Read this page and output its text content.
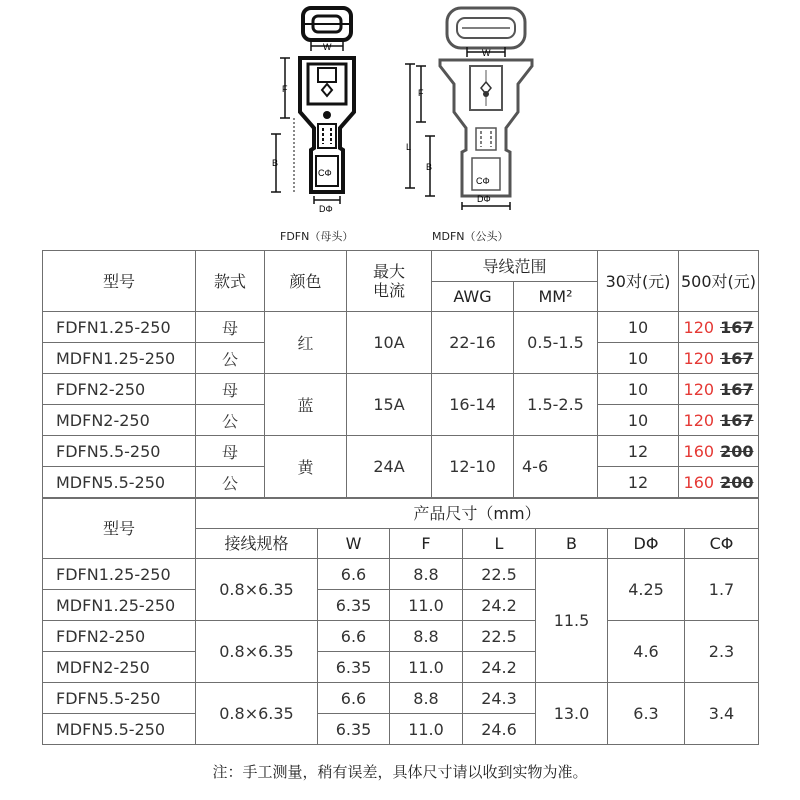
W
F
B
CΦ
DΦ
W
F
L
B
CΦ
DΦ
FDFN（母头）	MDFN（公头）
型号	款式	颜色	最大电流	导线范围		30对(元)	500对(元)
				AWG	MM²		
FDFN1.25-250	母	红	10A	22-16	0.5-1.5	10	120 167
MDFN1.25-250	公					10	120 167
FDFN2-250	母	蓝	15A	16-14	1.5-2.5	10	120 167
MDFN2-250	公					10	120 167
FDFN5.5-250	母	黄	24A	12-10	4-6	12	160 200
MDFN5.5-250	公					12	160 200
型号	产品尺寸（mm）						
	接线规格	W	F	L	B	DΦ	CΦ
FDFN1.25-250	0.8×6.35	6.6	8.8	22.5	11.5	4.25	1.7
MDFN1.25-250		6.35	11.0	24.2			
FDFN2-250	0.8×6.35	6.6	8.8	22.5		4.6	2.3
MDFN2-250		6.35	11.0	24.2			
FDFN5.5-250	0.8×6.35	6.6	8.8	24.3	13.0	6.3	3.4
MDFN5.5-250		6.35	11.0	24.6			
注：手工测量，稍有误差，具体尺寸请以收到实物为准。
